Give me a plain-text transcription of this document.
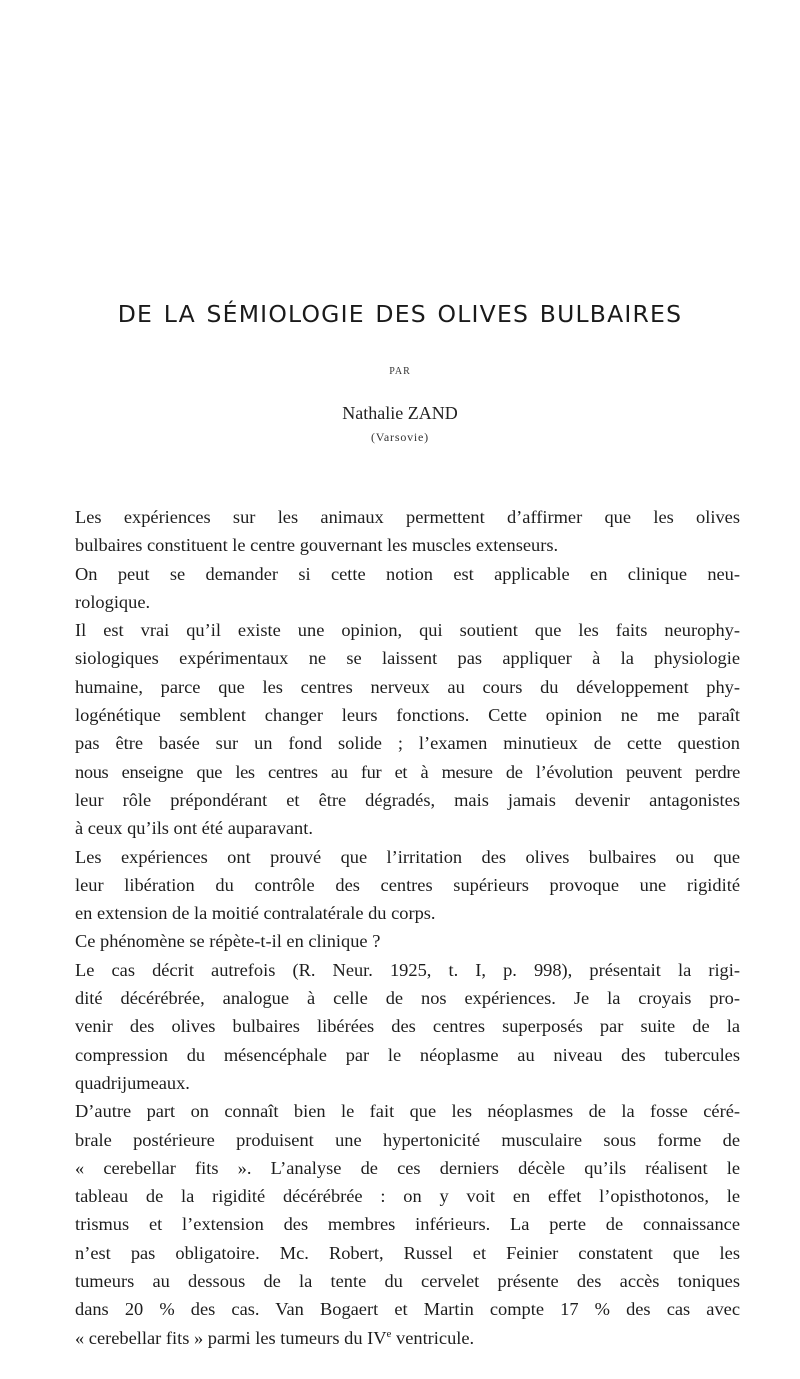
DE LA SÉMIOLOGIE DES OLIVES BULBAIRES
PAR
Nathalie ZAND
(Varsovie)
Les expériences sur les animaux permettent d’affirmer que les olives
bulbaires constituent le centre gouvernant les muscles extenseurs.
On peut se demander si cette notion est applicable en clinique neu-
rologique.
Il est vrai qu’il existe une opinion, qui soutient que les faits neurophy-
siologiques expérimentaux ne se laissent pas appliquer à la physiologie
humaine, parce que les centres nerveux au cours du développement phy-
logénétique semblent changer leurs fonctions. Cette opinion ne me paraît
pas être basée sur un fond solide ; l’examen minutieux de cette question
nous enseigne que les centres au fur et à mesure de l’évolution peuvent perdre
leur rôle prépondérant et être dégradés, mais jamais devenir antagonistes
à ceux qu’ils ont été auparavant.
Les expériences ont prouvé que l’irritation des olives bulbaires ou que
leur libération du contrôle des centres supérieurs provoque une rigidité
en extension de la moitié contralatérale du corps.
Ce phénomène se répète-t-il en clinique ?
Le cas décrit autrefois (R. Neur. 1925, t. I, p. 998), présentait la rigi-
dité décérébrée, analogue à celle de nos expériences. Je la croyais pro-
venir des olives bulbaires libérées des centres superposés par suite de la
compression du mésencéphale par le néoplasme au niveau des tubercules
quadrijumeaux.
D’autre part on connaît bien le fait que les néoplasmes de la fosse céré-
brale postérieure produisent une hypertonicité musculaire sous forme de
« cerebellar fits ». L’analyse de ces derniers décèle qu’ils réalisent le
tableau de la rigidité décérébrée : on y voit en effet l’opisthotonos, le
trismus et l’extension des membres inférieurs. La perte de connaissance
n’est pas obligatoire. Mc. Robert, Russel et Feinier constatent que les
tumeurs au dessous de la tente du cervelet présente des accès toniques
dans 20 % des cas. Van Bogaert et Martin compte 17 % des cas avec
« cerebellar fits » parmi les tumeurs du IVe ventricule.
